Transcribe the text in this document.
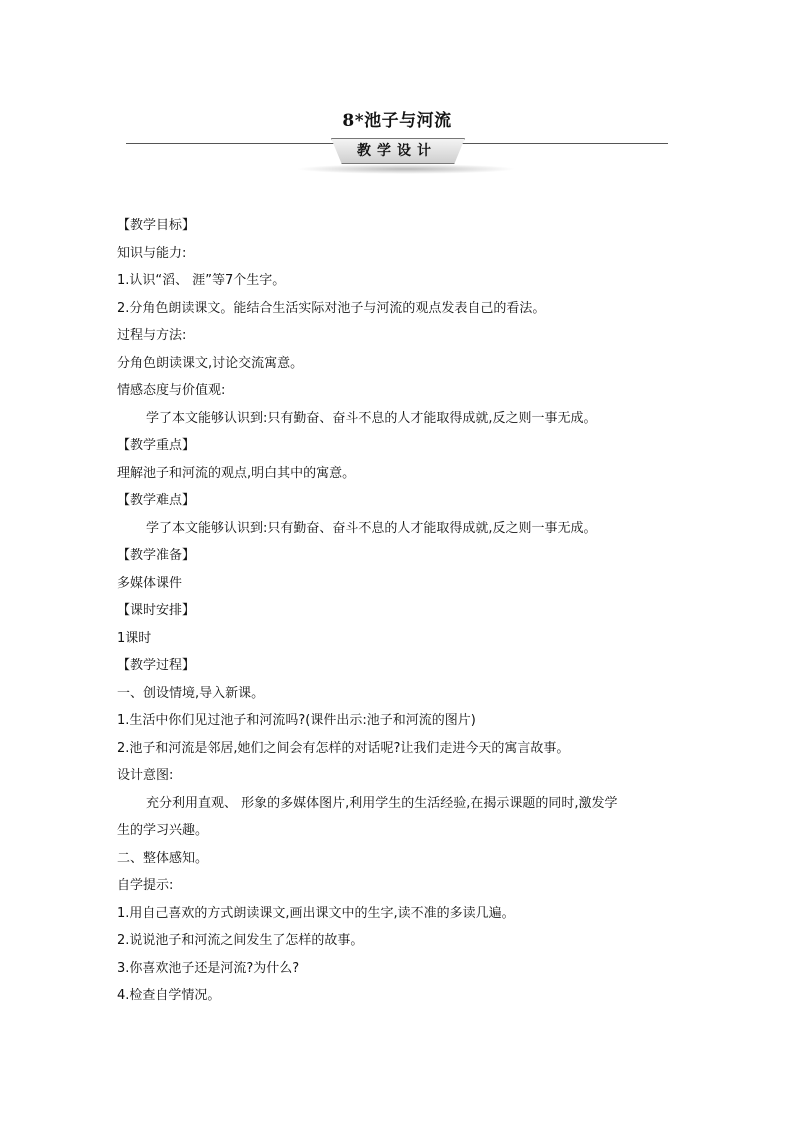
8*池子与河流
教学设计
【教学目标】
知识与能力:
1.认识“滔、 涯”等7个生字。
2.分角色朗读课文。能结合生活实际对池子与河流的观点发表自己的看法。
过程与方法:
分角色朗读课文,讨论交流寓意。
情感态度与价值观:
学了本文能够认识到:只有勤奋、奋斗不息的人才能取得成就,反之则一事无成。
【教学重点】
理解池子和河流的观点,明白其中的寓意。
【教学难点】
学了本文能够认识到:只有勤奋、奋斗不息的人才能取得成就,反之则一事无成。
【教学准备】
多媒体课件
【课时安排】
1课时
【教学过程】
一、创设情境,导入新课。
1.生活中你们见过池子和河流吗?(课件出示:池子和河流的图片)
2.池子和河流是邻居,她们之间会有怎样的对话呢?让我们走进今天的寓言故事。
设计意图:
充分利用直观、 形象的多媒体图片,利用学生的生活经验,在揭示课题的同时,激发学
生的学习兴趣。
二、整体感知。
自学提示:
1.用自己喜欢的方式朗读课文,画出课文中的生字,读不准的多读几遍。
2.说说池子和河流之间发生了怎样的故事。
3.你喜欢池子还是河流?为什么?
4.检查自学情况。
